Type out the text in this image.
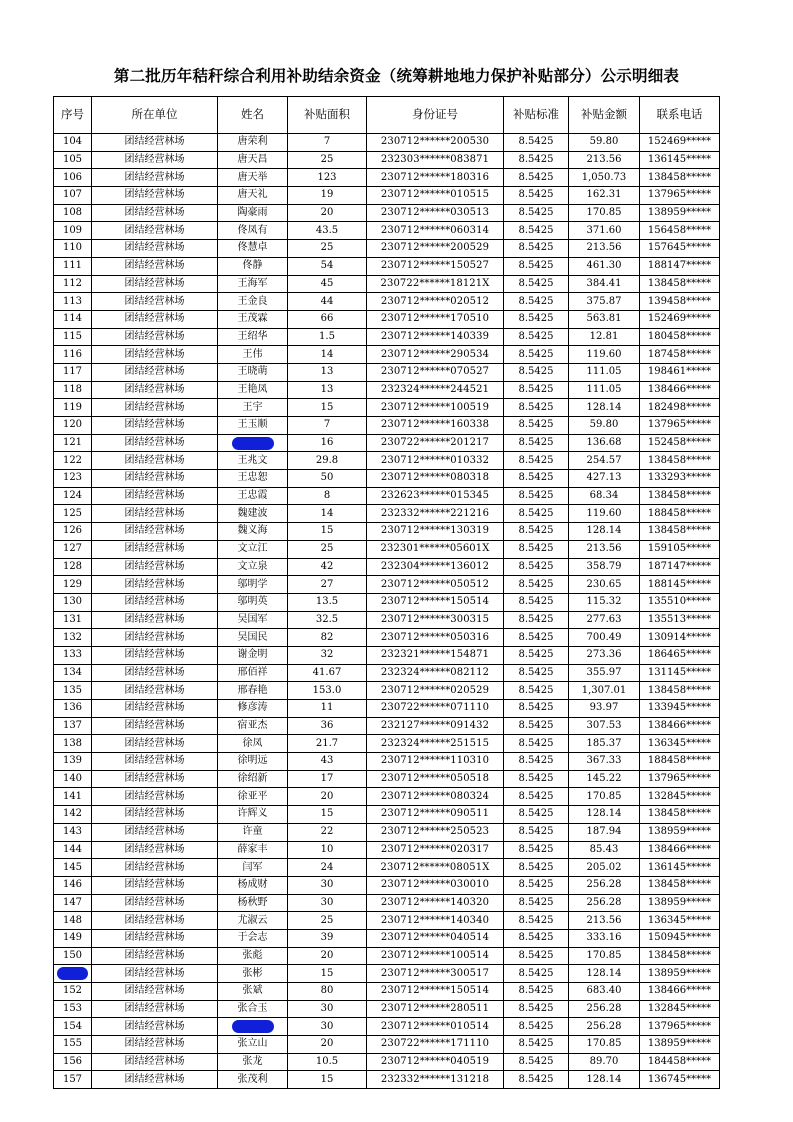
第二批历年秸秆综合利用补助结余资金（统筹耕地地力保护补贴部分）公示明细表
序号	所在单位	姓名	补贴面积	身份证号	补贴标准	补贴金额	联系电话
104	团结经营林场	唐荣利	7	230712******200530	8.5425	59.80	152469*****
105	团结经营林场	唐天昌	25	232303******083871	8.5425	213.56	136145*****
106	团结经营林场	唐天举	123	230712******180316	8.5425	1,050.73	138458*****
107	团结经营林场	唐天礼	19	230712******010515	8.5425	162.31	137965*****
108	团结经营林场	陶豪雨	20	230712******030513	8.5425	170.85	138959*****
109	团结经营林场	佟凤有	43.5	230712******060314	8.5425	371.60	156458*****
110	团结经营林场	佟慧卓	25	230712******200529	8.5425	213.56	157645*****
111	团结经营林场	佟静	54	230712******150527	8.5425	461.30	188147*****
112	团结经营林场	王海军	45	230722******18121X	8.5425	384.41	138458*****
113	团结经营林场	王金良	44	230712******020512	8.5425	375.87	139458*****
114	团结经营林场	王茂霖	66	230712******170510	8.5425	563.81	152469*****
115	团结经营林场	王绍华	1.5	230712******140339	8.5425	12.81	180458*****
116	团结经营林场	王伟	14	230712******290534	8.5425	119.60	187458*****
117	团结经营林场	王晓萌	13	230712******070527	8.5425	111.05	198461*****
118	团结经营林场	王艳凤	13	232324******244521	8.5425	111.05	138466*****
119	团结经营林场	王宇	15	230712******100519	8.5425	128.14	182498*****
120	团结经营林场	王玉顺	7	230712******160338	8.5425	59.80	137965*****
121	团结经营林场	王兆强	16	230722******201217	8.5425	136.68	152458*****
122	团结经营林场	王兆文	29.8	230712******010332	8.5425	254.57	138458*****
123	团结经营林场	王忠恕	50	230712******080318	8.5425	427.13	133293*****
124	团结经营林场	王忠霞	8	232623******015345	8.5425	68.34	138458*****
125	团结经营林场	魏建波	14	232332******221216	8.5425	119.60	188458*****
126	团结经营林场	魏义海	15	230712******130319	8.5425	128.14	138458*****
127	团结经营林场	文立江	25	232301******05601X	8.5425	213.56	159105*****
128	团结经营林场	文立泉	42	232304******136012	8.5425	358.79	187147*****
129	团结经营林场	邬明学	27	230712******050512	8.5425	230.65	188145*****
130	团结经营林场	邬明英	13.5	230712******150514	8.5425	115.32	135510*****
131	团结经营林场	吴国军	32.5	230712******300315	8.5425	277.63	135513*****
132	团结经营林场	吴国民	82	230712******050316	8.5425	700.49	130914*****
133	团结经营林场	谢金明	32	232321******154871	8.5425	273.36	186465*****
134	团结经营林场	邢佰祥	41.67	232324******082112	8.5425	355.97	131145*****
135	团结经营林场	邢春艳	153.0	230712******020529	8.5425	1,307.01	138458*****
136	团结经营林场	修彦涛	11	230722******071110	8.5425	93.97	133945*****
137	团结经营林场	宿亚杰	36	232127******091432	8.5425	307.53	138466*****
138	团结经营林场	徐凤	21.7	232324******251515	8.5425	185.37	136345*****
139	团结经营林场	徐明远	43	230712******110310	8.5425	367.33	188458*****
140	团结经营林场	徐绍新	17	230712******050518	8.5425	145.22	137965*****
141	团结经营林场	徐亚平	20	230712******080324	8.5425	170.85	132845*****
142	团结经营林场	许辉义	15	230712******090511	8.5425	128.14	138458*****
143	团结经营林场	许童	22	230712******250523	8.5425	187.94	138959*****
144	团结经营林场	薛家丰	10	230712******020317	8.5425	85.43	138466*****
145	团结经营林场	闫军	24	230712******08051X	8.5425	205.02	136145*****
146	团结经营林场	杨成财	30	230712******030010	8.5425	256.28	138458*****
147	团结经营林场	杨秋野	30	230712******140320	8.5425	256.28	138959*****
148	团结经营林场	尤淑云	25	230712******140340	8.5425	213.56	136345*****
149	团结经营林场	于会志	39	230712******040514	8.5425	333.16	150945*****
150	团结经营林场	张彪	20	230712******100514	8.5425	170.85	138458*****
151	团结经营林场	张彬	15	230712******300517	8.5425	128.14	138959*****
152	团结经营林场	张斌	80	230712******150514	8.5425	683.40	138466*****
153	团结经营林场	张合玉	30	230712******280511	8.5425	256.28	132845*****
154	团结经营林场	张桂春	30	230712******010514	8.5425	256.28	137965*****
155	团结经营林场	张立山	20	230722******171110	8.5425	170.85	138959*****
156	团结经营林场	张龙	10.5	230712******040519	8.5425	89.70	184458*****
157	团结经营林场	张茂利	15	232332******131218	8.5425	128.14	136745*****
